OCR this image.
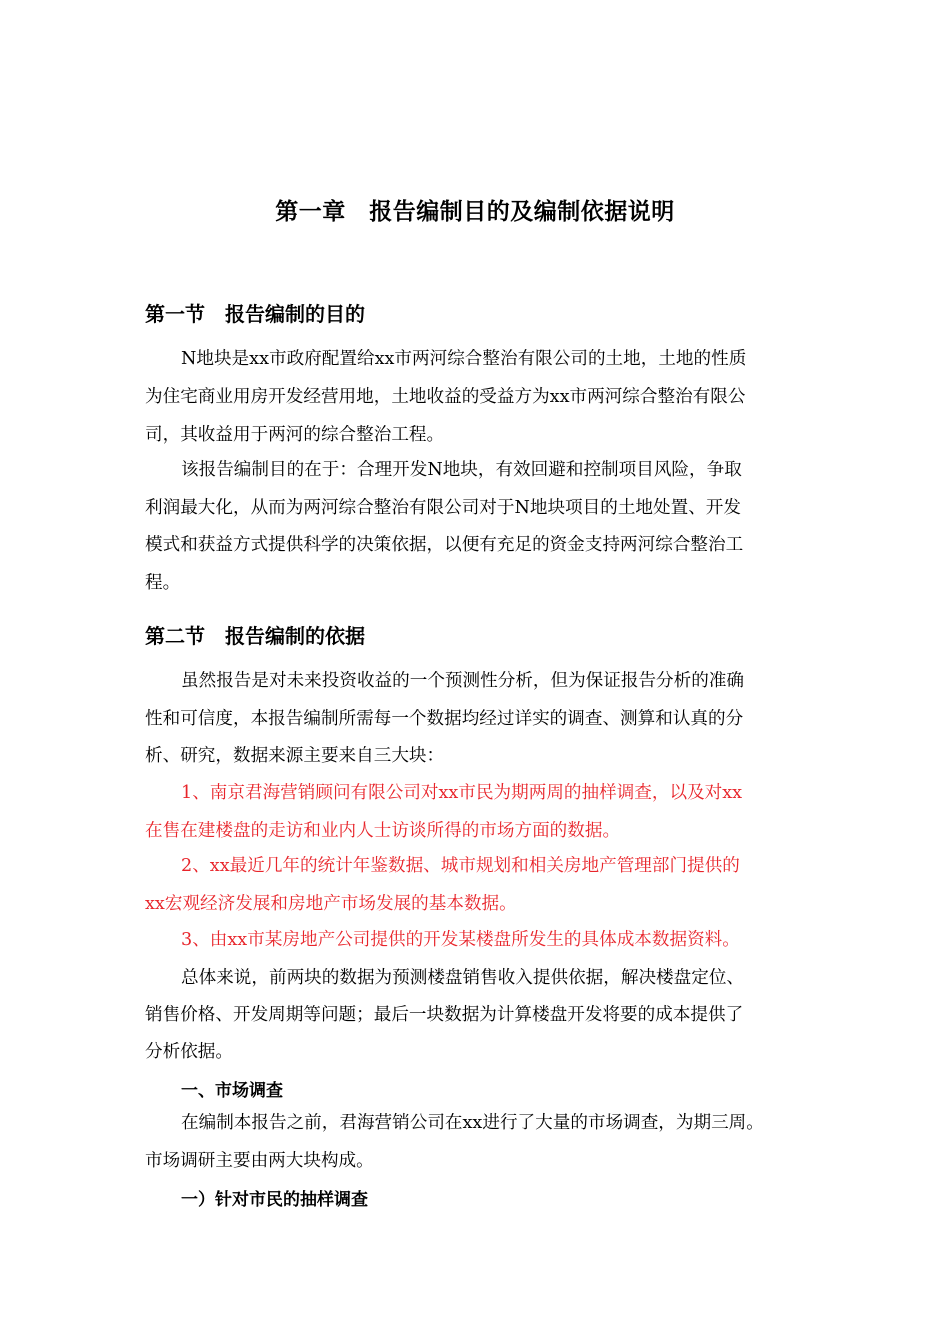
第一章　报告编制目的及编制依据说明
第一节　报告编制的目的
N地块是xx市政府配置给xx市两河综合整治有限公司的土地，土地的性质
为住宅商业用房开发经营用地，土地收益的受益方为xx市两河综合整治有限公
司，其收益用于两河的综合整治工程。
该报告编制目的在于：合理开发N地块，有效回避和控制项目风险，争取
利润最大化，从而为两河综合整治有限公司对于N地块项目的土地处置、开发
模式和获益方式提供科学的决策依据，以便有充足的资金支持两河综合整治工
程。
第二节　报告编制的依据
虽然报告是对未来投资收益的一个预测性分析，但为保证报告分析的准确
性和可信度，本报告编制所需每一个数据均经过详实的调查、测算和认真的分
析、研究，数据来源主要来自三大块：
1、南京君海营销顾问有限公司对xx市民为期两周的抽样调查，以及对xx
在售在建楼盘的走访和业内人士访谈所得的市场方面的数据。
2、xx最近几年的统计年鉴数据、城市规划和相关房地产管理部门提供的
xx宏观经济发展和房地产市场发展的基本数据。
3、由xx市某房地产公司提供的开发某楼盘所发生的具体成本数据资料。
总体来说，前两块的数据为预测楼盘销售收入提供依据，解决楼盘定位、
销售价格、开发周期等问题；最后一块数据为计算楼盘开发将要的成本提供了
分析依据。
一、市场调查
在编制本报告之前，君海营销公司在xx进行了大量的市场调查，为期三周。
市场调研主要由两大块构成。
一）针对市民的抽样调查
